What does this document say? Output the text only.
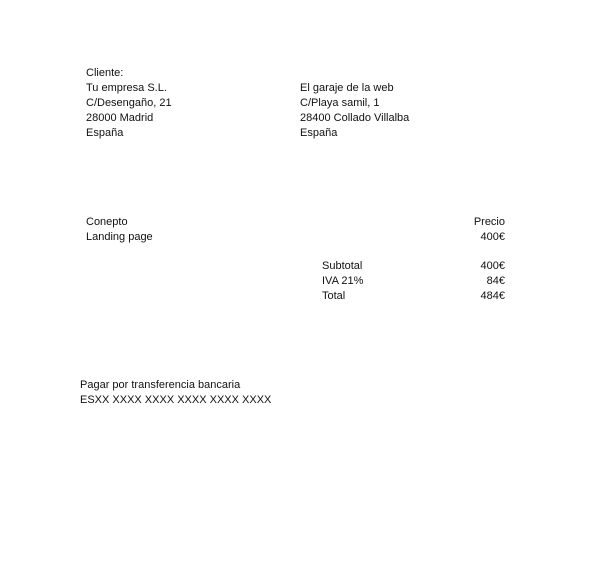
Cliente:
Tu empresa S.L.
C/Desengaño, 21
28000 Madrid
España
El garaje de la web
C/Playa samil, 1
28400 Collado Villalba
España
Conepto	Precio
Landing page	400€
Subtotal
IVA 21%
Total
400€
84€
484€
Pagar por transferencia bancaria
ESXX XXXX XXXX XXXX XXXX XXXX
